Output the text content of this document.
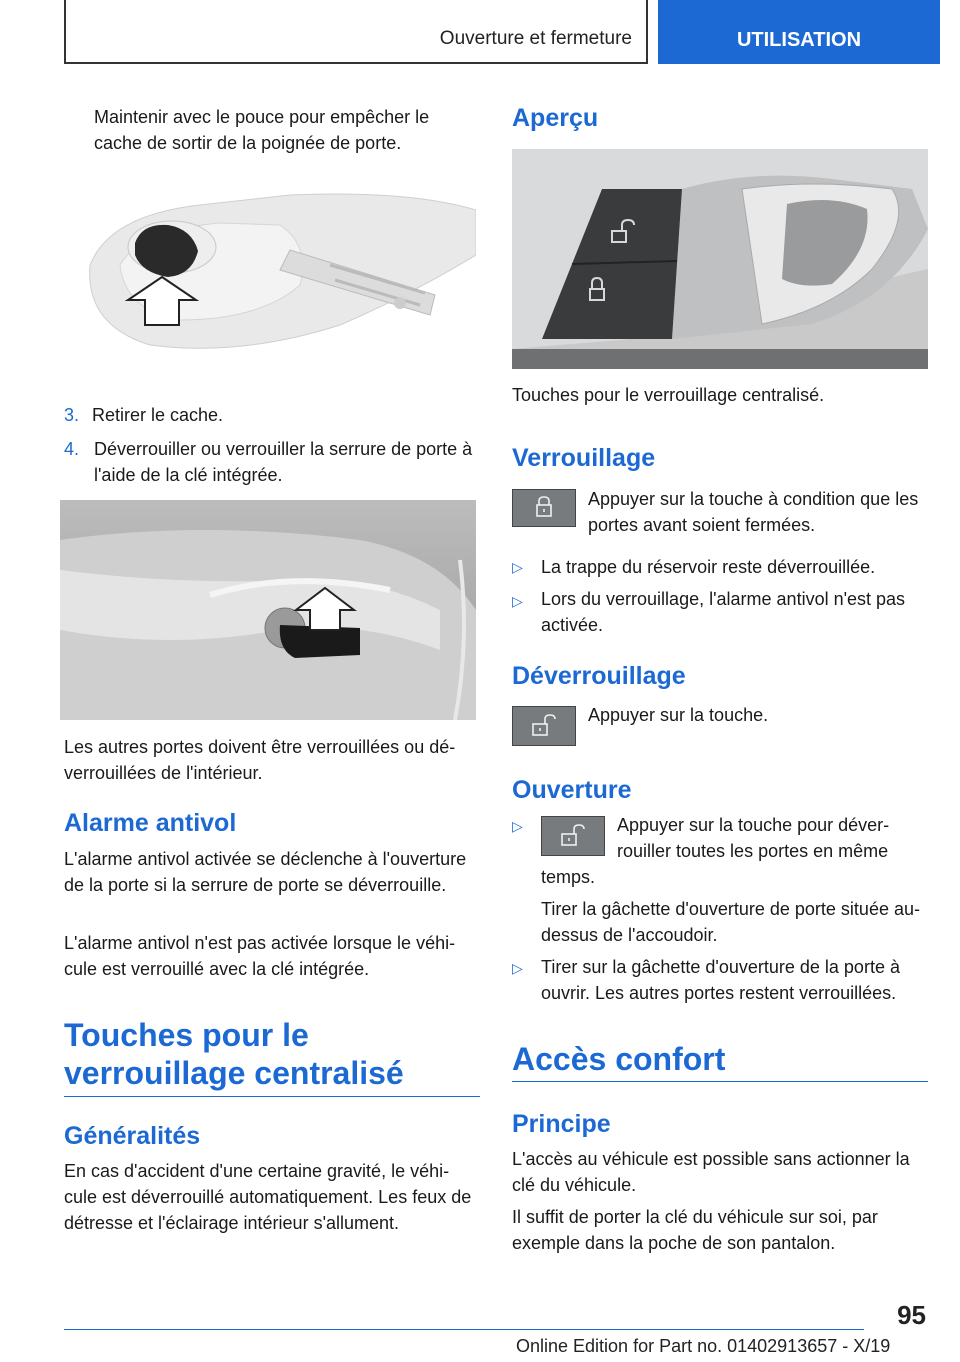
Ouverture et fermeture	UTILISATION
Maintenir avec le pouce pour empêcher le cache de sortir de la poignée de porte.
3. Retirer le cache.
4. Déverrouiller ou verrouiller la serrure de porte à l'aide de la clé intégrée.
Les autres portes doivent être verrouillées ou déverrouillées de l'intérieur.
Alarme antivol
L'alarme antivol activée se déclenche à l'ouverture de la porte si la serrure de porte se déverrouille.
L'alarme antivol n'est pas activée lorsque le véhicule est verrouillé avec la clé intégrée.
Touches pour le verrouillage centralisé
Généralités
En cas d'accident d'une certaine gravité, le véhicule est déverrouillé automatiquement. Les feux de détresse et l'éclairage intérieur s'allument.
Aperçu
Touches pour le verrouillage centralisé.
Verrouillage
Appuyer sur la touche à condition que les portes avant soient fermées.
▷ La trappe du réservoir reste déverrouillée.
▷ Lors du verrouillage, l'alarme antivol n'est pas activée.
Déverrouillage
Appuyer sur la touche.
Ouverture
▷	Appuyer sur la touche pour déverrouiller toutes les portes en même
temps.
Tirer la gâchette d'ouverture de porte située au-dessus de l'accoudoir.
▷ Tirer sur la gâchette d'ouverture de la porte à ouvrir. Les autres portes restent verrouillées.
Accès confort
Principe
L'accès au véhicule est possible sans actionner la clé du véhicule.
Il suffit de porter la clé du véhicule sur soi, par exemple dans la poche de son pantalon.
95
Online Edition for Part no. 01402913657 - X/19
